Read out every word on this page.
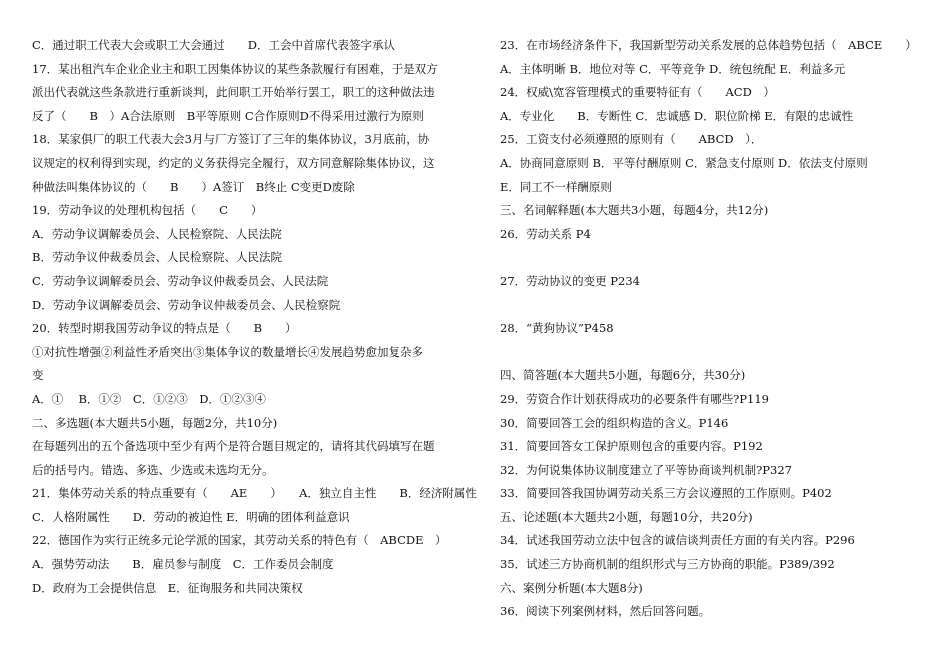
C．通过职工代表大会或职工大会通过　　D．工会中首席代表签字承认
17．某出租汽车企业企业主和职工因集体协议的某些条款履行有困难，于是双方
派出代表就这些条款进行重新谈判，此间职工开始举行罢工，职工的这种做法违
反了（　　B　）A合法原则　B平等原则 C合作原则D不得采用过激行为原则
18．某家俱厂的职工代表大会3月与厂方签订了三年的集体协议，3月底前，协
议规定的权利得到实现，约定的义务获得完全履行，双方同意解除集体协议，这
种做法叫集体协议的（　　B　　）A签订　B终止 C变更D废除
19．劳动争议的处理机构包括（　　C　　）
A．劳动争议调解委员会、人民检察院、人民法院
B．劳动争议仲裁委员会、人民检察院、人民法院
C．劳动争议调解委员会、劳动争议仲裁委员会、人民法院
D．劳动争议调解委员会、劳动争议仲裁委员会、人民检察院
20．转型时期我国劳动争议的特点是（　　B　　）
①对抗性增强②利益性矛盾突出③集体争议的数量增长④发展趋势愈加复杂多
变
A．①　 B．①②　C．①②③　D．①②③④
二、多选题(本大题共5小题，每题2分，共10分)
在每题列出的五个备选项中至少有两个是符合题目规定的，请将其代码填写在题
后的括号内。错选、多选、少选或未选均无分。
21．集体劳动关系的特点重要有（　　AE　　）　　A．独立自主性　　B．经济附属性
C．人格附属性　　D．劳动的被迫性 E．明确的团体利益意识
22．德国作为实行正统多元论学派的国家，其劳动关系的特色有（　ABCDE　）
A．强势劳动法　　B．雇员参与制度　C．工作委员会制度
D．政府为工会提供信息　E．征询服务和共同决策权
23．在市场经济条件下，我国新型劳动关系发展的总体趋势包括（　ABCE　　）
A．主体明晰 B．地位对等 C．平等竞争 D．统包统配 E．利益多元
24．权威\宽容管理模式的重要特征有（　　ACD　）
A．专业化　　B．专断性 C．忠诚感 D．职位阶梯 E．有限的忠诚性
25．工资支付必须遵照的原则有（　　ABCD　）．
A．协商同意原则 B．平等付酬原则 C．紧急支付原则 D．依法支付原则
E．同工不一样酬原则
三、名词解释题(本大题共3小题，每题4分，共12分)
26．劳动关系 P4
27．劳动协议的变更 P234
28．“黄狗协议”P458
四、简答题(本大题共5小题，每题6分，共30分)
29．劳资合作计划获得成功的必要条件有哪些?P119
30．简要回答工会的组织构造的含义。P146
31．简要回答女工保护原则包含的重要内容。P192
32．为何说集体协议制度建立了平等协商谈判机制?P327
33．简要回答我国协调劳动关系三方会议遵照的工作原则。P402
五、论述题(本大题共2小题，每题10分，共20分)
34．试述我国劳动立法中包含的诚信谈判责任方面的有关内容。P296
35．试述三方协商机制的组织形式与三方协商的职能。P389/392
六、案例分析题(本大题8分)
36．阅读下列案例材料，然后回答问题。
